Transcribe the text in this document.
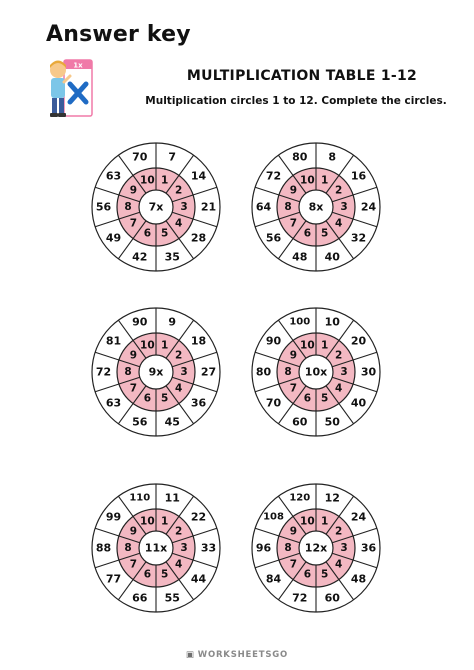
Answer key
1x
MULTIPLICATION TABLE 1-12
Multiplication circles 1 to 12. Complete the circles.
1
2
3
4
5
6
7
8
9
10
7
14
21
28
35
42
49
56
63
70
7x
1
2
3
4
5
6
7
8
9
10
8
16
24
32
40
48
56
64
72
80
8x
1
2
3
4
5
6
7
8
9
10
9
18
27
36
45
56
63
72
81
90
9x
1
2
3
4
5
6
7
8
9
10
10
20
30
40
50
60
70
80
90
100
10x
1
2
3
4
5
6
7
8
9
10
11
22
33
44
55
66
77
88
99
110
11x
1
2
3
4
5
6
7
8
9
10
12
24
36
48
60
72
84
96
108
120
12x
▣ WORKSHEETSGO
